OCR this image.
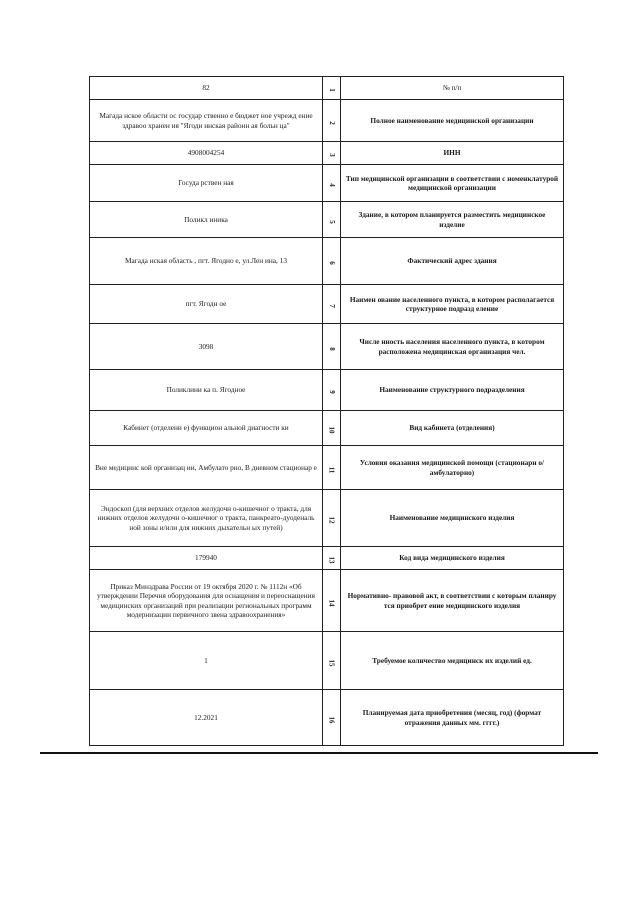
82	1	№ п/п
Магада нское области ос государ ственно е бюджет ное учрежд ение здравоо хранен ия "Ягоди инская районн ая больн ца"	2	Полное наименование медицинской организации
4908004254	3	ИНН
Госуда рствен ная	4	Тип медицинской организации в соответствии с номенклатурой медицинской организации
Поликл иника	5	Здание, в котором планируется разместить медицинское изделие
Магада нская область , пгт. Ягодно е, ул.Лен ина, 13	6	Фактический адрес здания
пгт. Ягодн ое	7	Наимен ование населенного пункта, в котором располагается структурное подразд еление
3098	8	Числе нность населения населенного пункта, в котором расположена медицинская организация чел.
Поликлини ка п. Ягодное	9	Наименование структурного подразделения
Кабинет (отделени е) функцион альной диагности ки	10	Вид кабинета (отделения)
Вне медицинс кой организац ии, Амбулато рно, В дневном стационар е	11	Условия оказания медицинской помощи (стационарн о/амбулаторно)
Эндоскоп (для верхних отделов желудочн о-кишечног о тракта, для нижних отделов желудочн о-кишечног о тракта, панкреато-дуоденаль ной зоны и/или для нижних дыхательн ых путей)	12	Наименование медицинского изделия
179940	13	Код вида медицинского изделия
Приказ Минздрава России от 19 октября 2020 г. № 1112н «Об утверждении Перечня оборудования для оснащения и переоснащения медицинских организаций при реализации региональных программ модернизации первичного звена здравоохранения»	14	Нормативно- правовой акт, в соответствии с которым планиру тся приобрет ение медицинского изделия
1	15	Требуемое количество медицинск их изделий ед.
12.2021	16	Планируемая дата приобретения (месяц, год) (формат отражения данных мм. гггг.)
